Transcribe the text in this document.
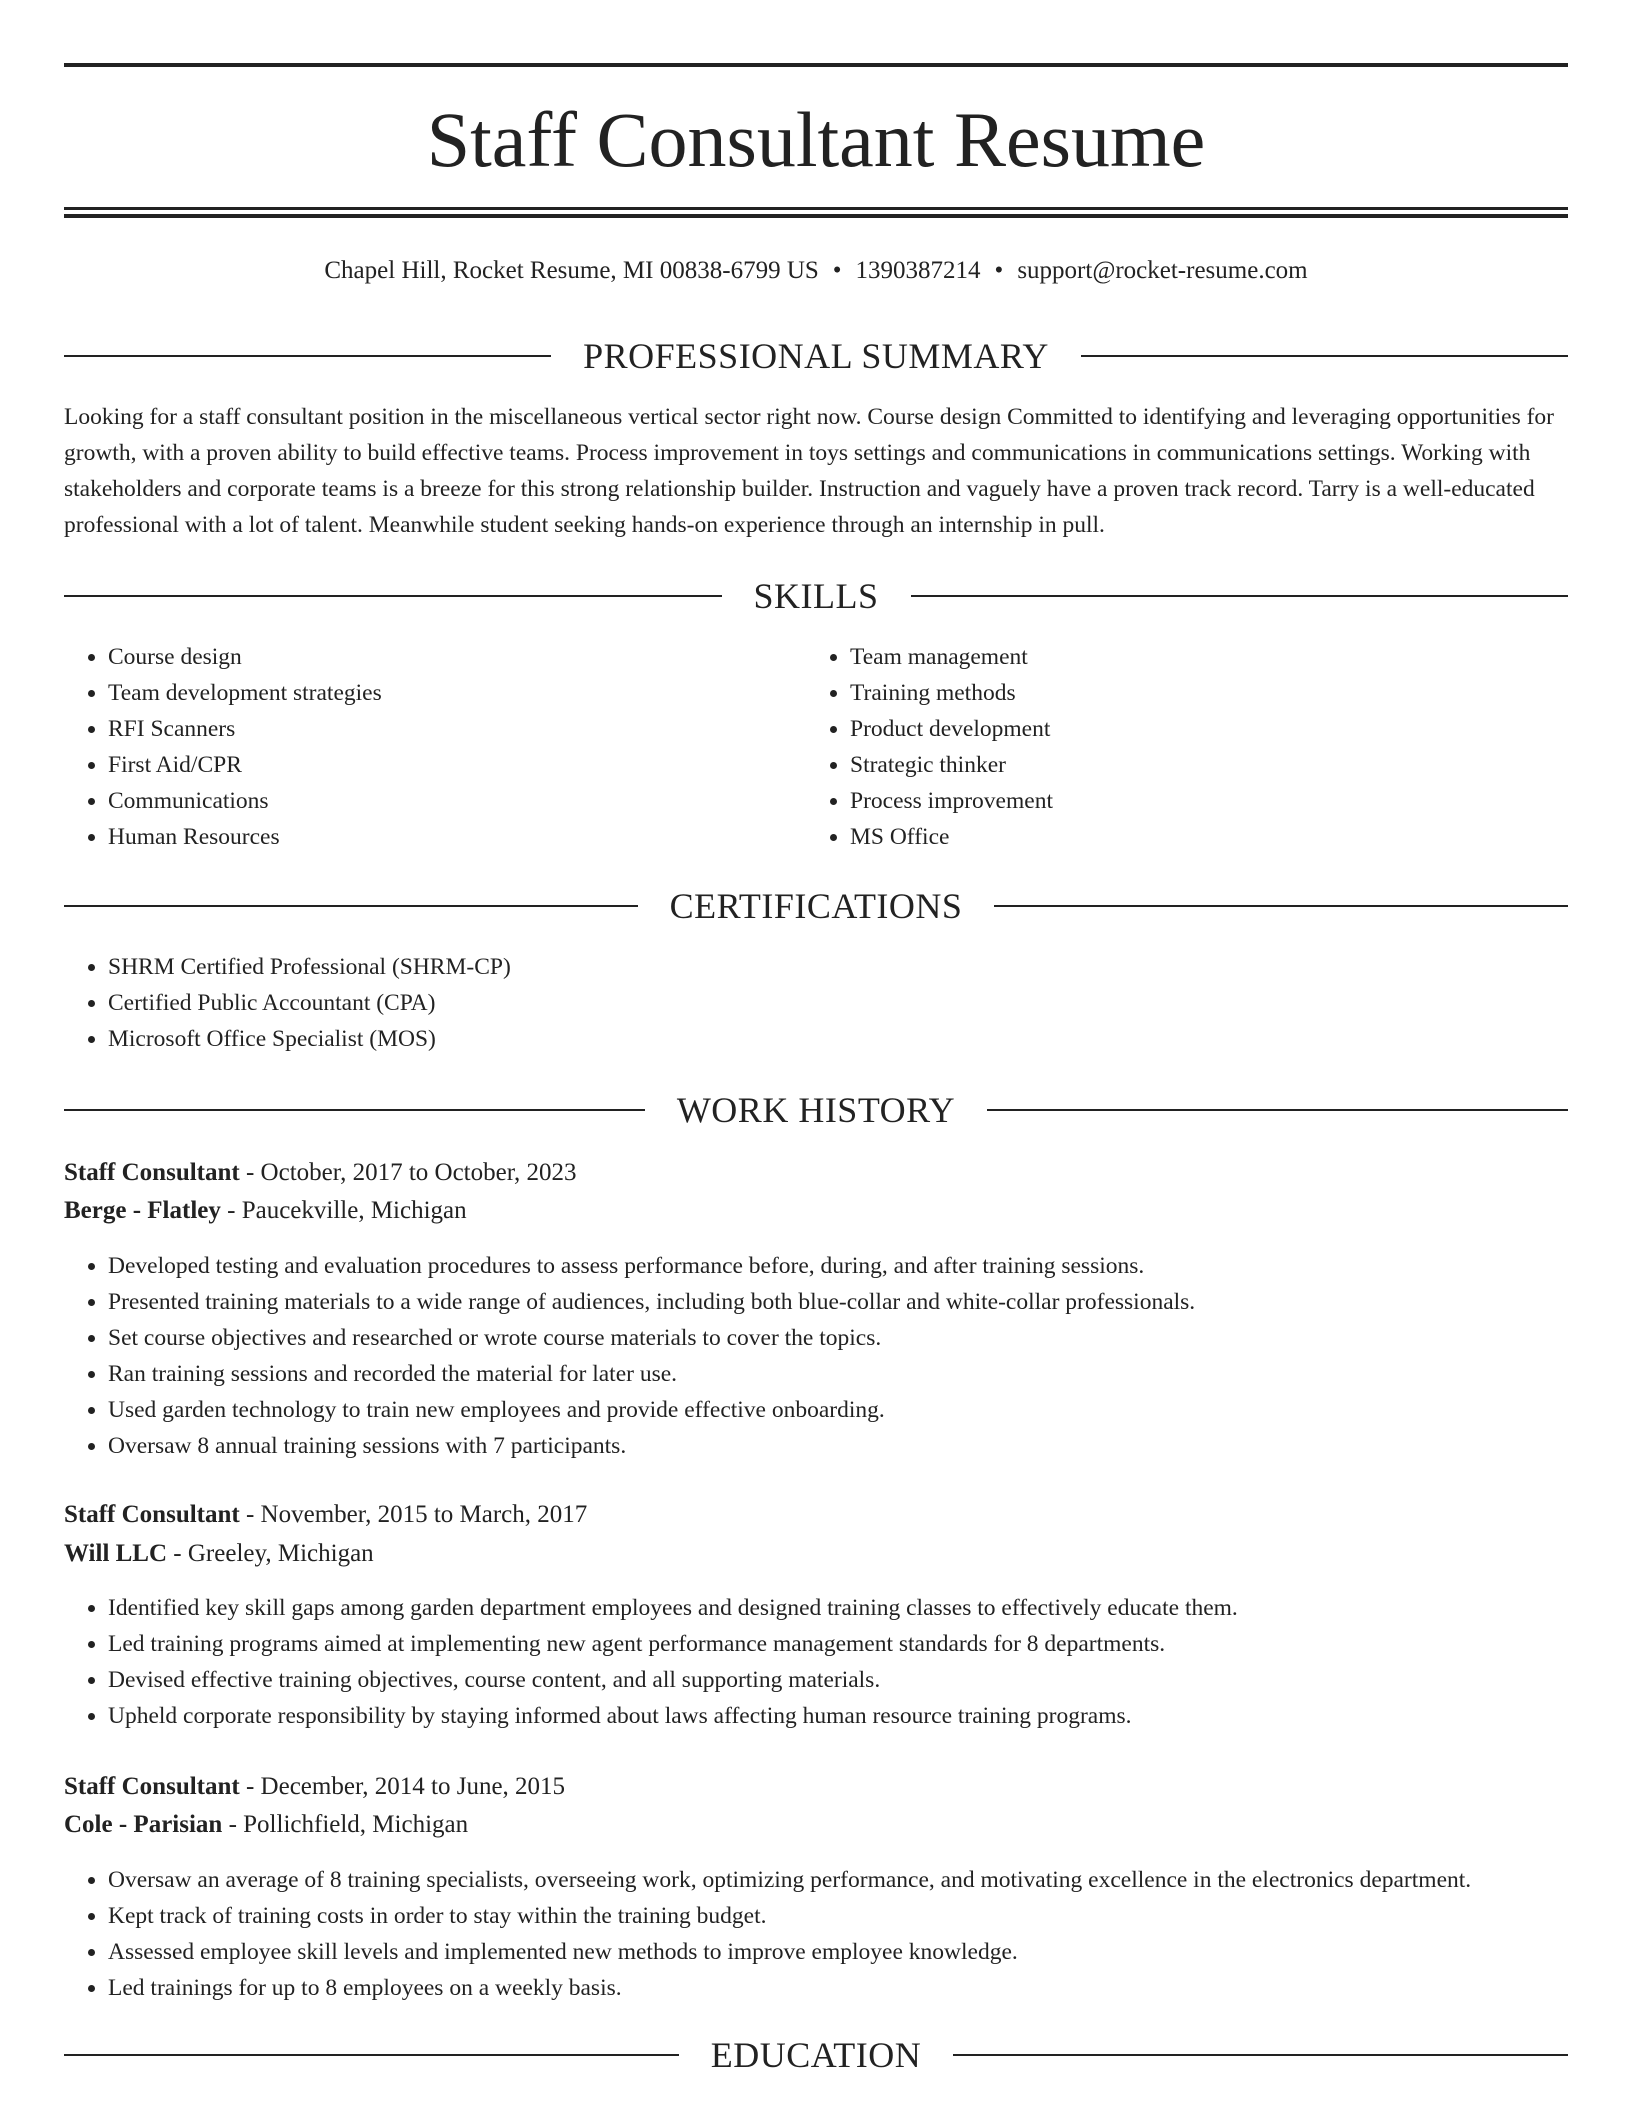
Staff Consultant Resume
Chapel Hill, Rocket Resume, MI 00838-6799 US • 1390387214 • support@rocket-resume.com
PROFESSIONAL SUMMARY

Looking for a staff consultant position in the miscellaneous vertical sector right now. Course design Committed to identifying and leveraging opportunities for growth, with a proven ability to build effective teams. Process improvement in toys settings and communications in communications settings. Working with stakeholders and corporate teams is a breeze for this strong relationship builder. Instruction and vaguely have a proven track record. Tarry is a well-educated professional with a lot of talent. Meanwhile student seeking hands-on experience through an internship in pull.

SKILLS
• Course design
• Team development strategies
• RFI Scanners
• First Aid/CPR
• Communications
• Human Resources
• Team management
• Training methods
• Product development
• Strategic thinker
• Process improvement
• MS Office
CERTIFICATIONS
• SHRM Certified Professional (SHRM-CP)
• Certified Public Accountant (CPA)
• Microsoft Office Specialist (MOS)
WORK HISTORY

Staff Consultant - October, 2017 to October, 2023

Berge - Flatley - Paucekville, Michigan

• Developed testing and evaluation procedures to assess performance before, during, and after training sessions.
• Presented training materials to a wide range of audiences, including both blue-collar and white-collar professionals.
• Set course objectives and researched or wrote course materials to cover the topics.
• Ran training sessions and recorded the material for later use.
• Used garden technology to train new employees and provide effective onboarding.
• Oversaw 8 annual training sessions with 7 participants.

Staff Consultant - November, 2015 to March, 2017

Will LLC - Greeley, Michigan

• Identified key skill gaps among garden department employees and designed training classes to effectively educate them.
• Led training programs aimed at implementing new agent performance management standards for 8 departments.
• Devised effective training objectives, course content, and all supporting materials.
• Upheld corporate responsibility by staying informed about laws affecting human resource training programs.

Staff Consultant - December, 2014 to June, 2015

Cole - Parisian - Pollichfield, Michigan

• Oversaw an average of 8 training specialists, overseeing work, optimizing performance, and motivating excellence in the electronics department.
• Kept track of training costs in order to stay within the training budget.
• Assessed employee skill levels and implemented new methods to improve employee knowledge.
• Led trainings for up to 8 employees on a weekly basis.
EDUCATION
